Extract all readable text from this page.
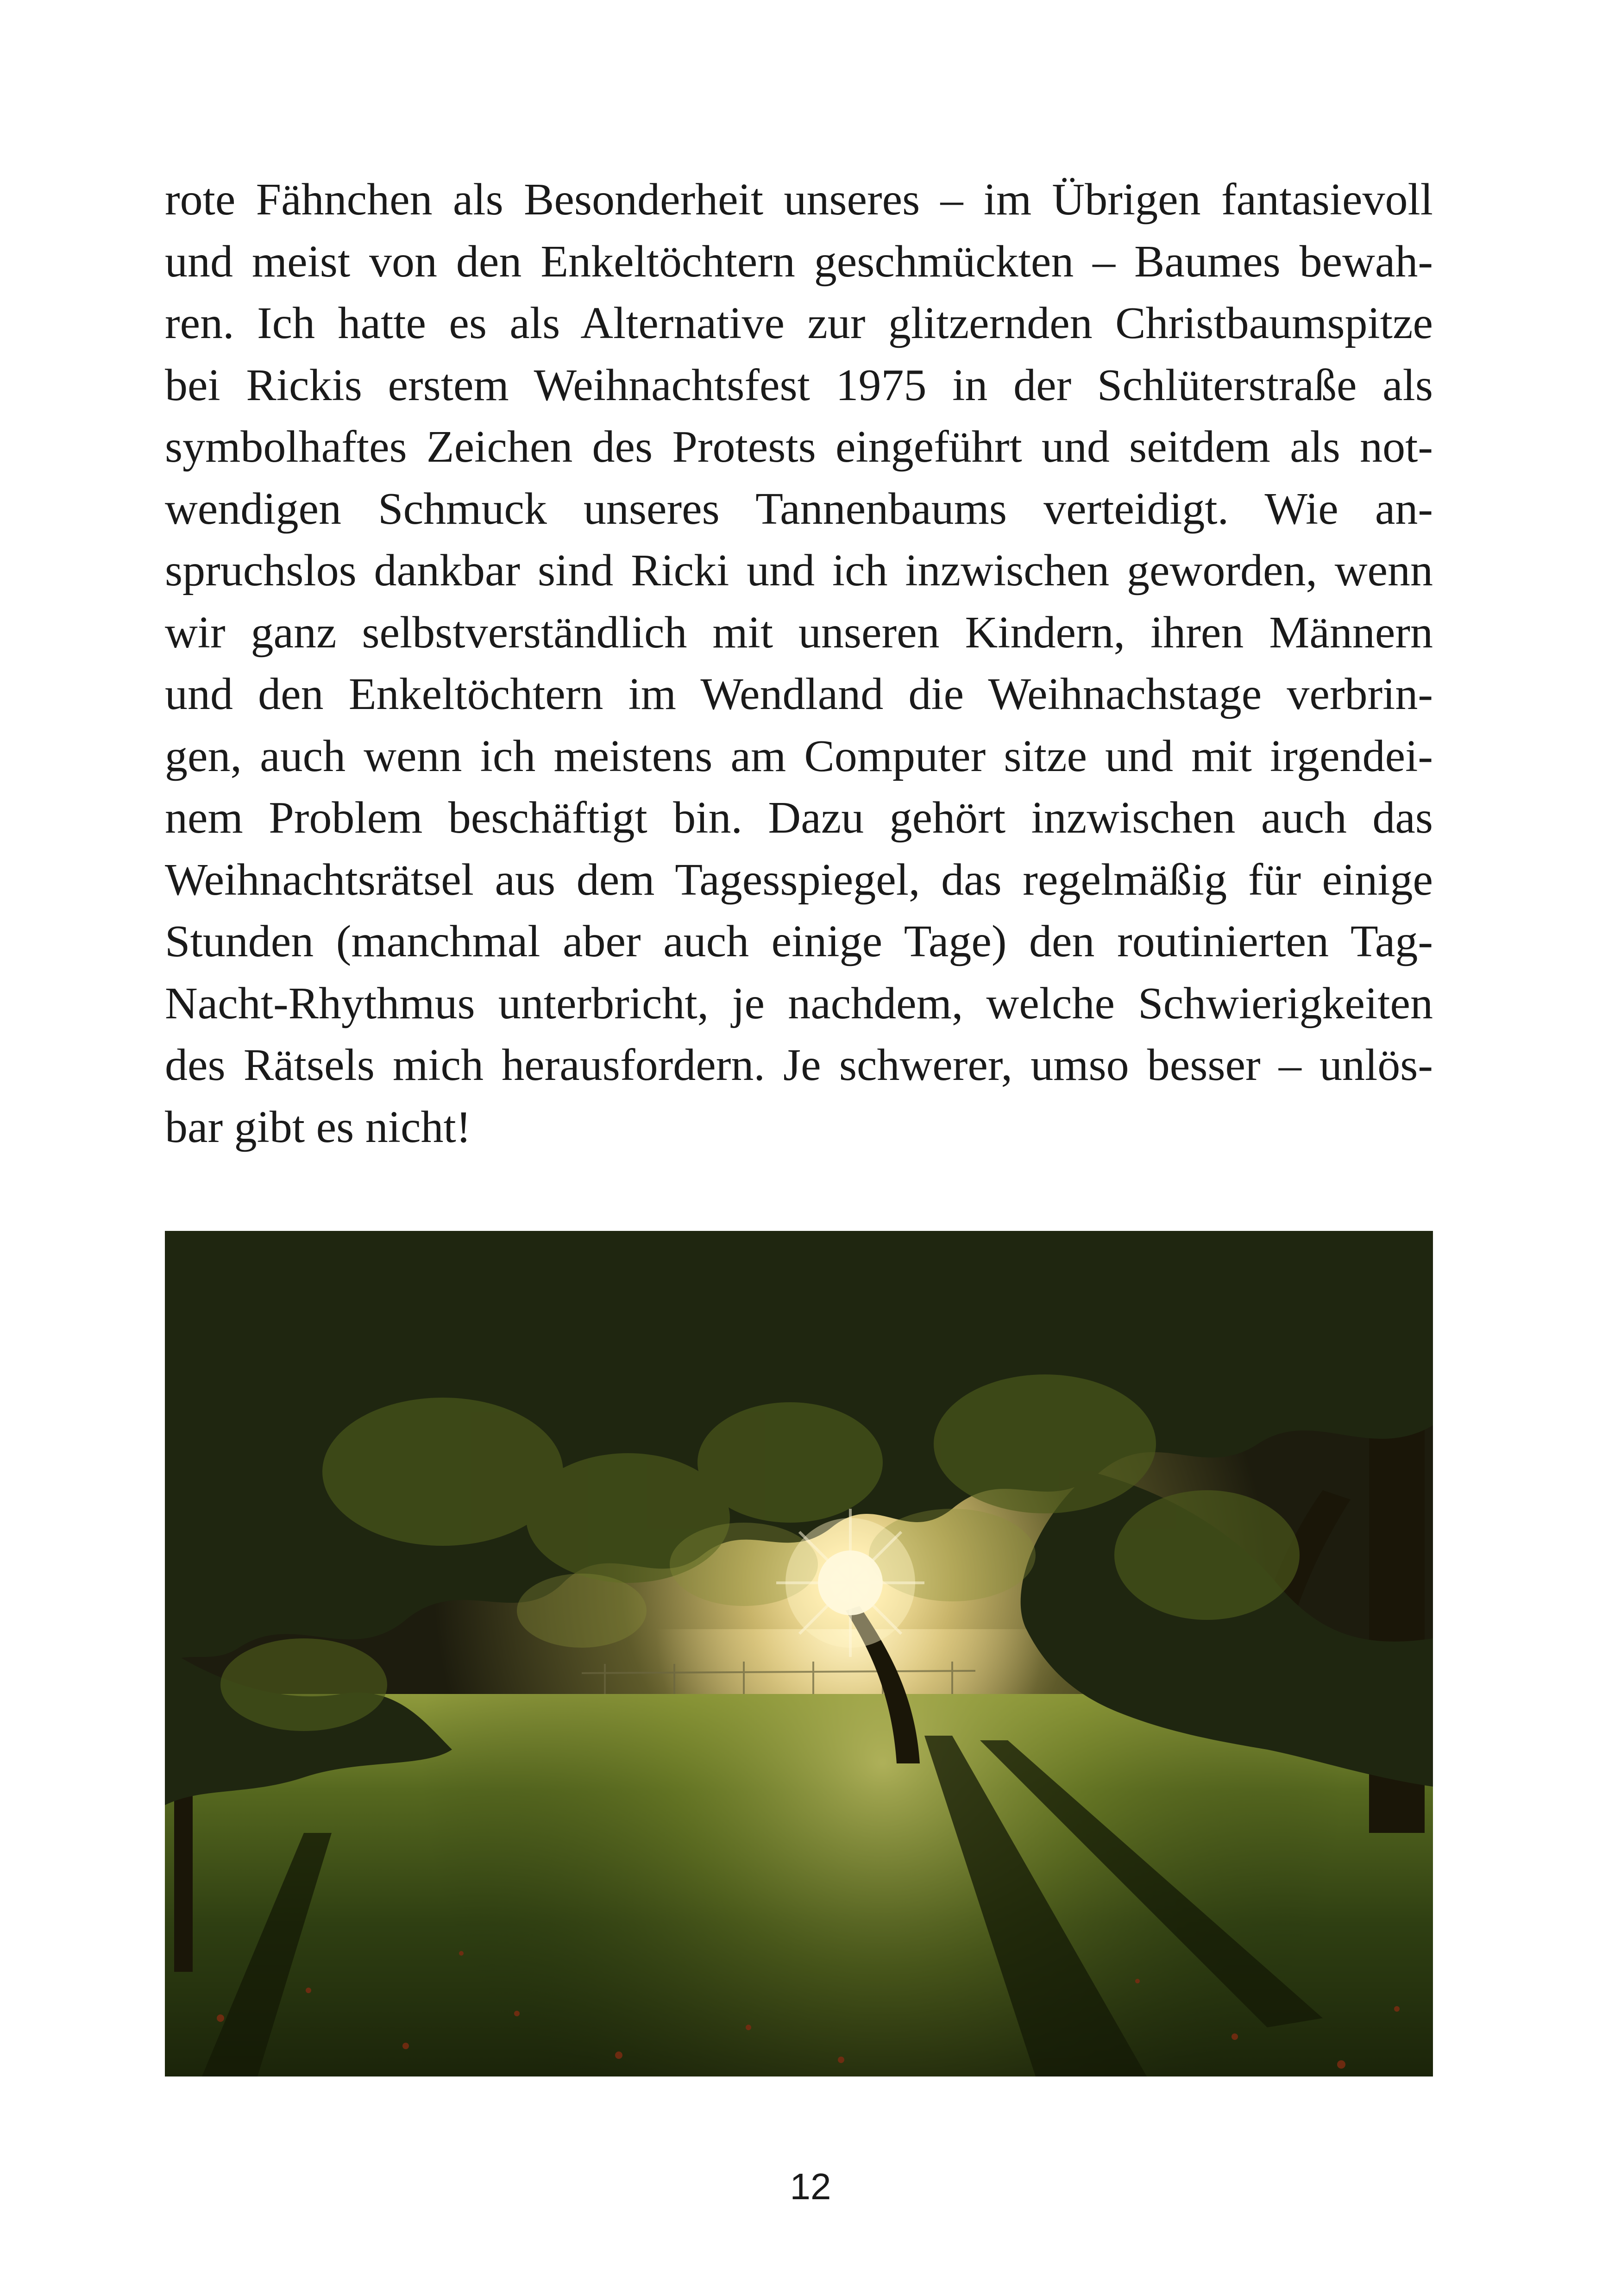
rote Fähnchen als Besonderheit unseres – im Übrigen fantasievoll
und meist von den Enkeltöchtern geschmückten – Baumes bewah-
ren. Ich hatte es als Alternative zur glitzernden Christbaumspitze
bei Rickis erstem Weihnachtsfest 1975 in der Schlüterstraße als
symbolhaftes Zeichen des Protests eingeführt und seitdem als not-
wendigen Schmuck unseres Tannenbaums verteidigt. Wie an-
spruchslos dankbar sind Ricki und ich inzwischen geworden, wenn
wir ganz selbstverständlich mit unseren Kindern, ihren Männern
und den Enkeltöchtern im Wendland die Weihnachstage verbrin-
gen, auch wenn ich meistens am Computer sitze und mit irgendei-
nem Problem beschäftigt bin. Dazu gehört inzwischen auch das
Weihnachtsrätsel aus dem Tagesspiegel, das regelmäßig für einige
Stunden (manchmal aber auch einige Tage) den routinierten Tag-
Nacht-Rhythmus unterbricht, je nachdem, welche Schwierigkeiten
des Rätsels mich herausfordern. Je schwerer, umso besser – unlös-
bar gibt es nicht!
12
